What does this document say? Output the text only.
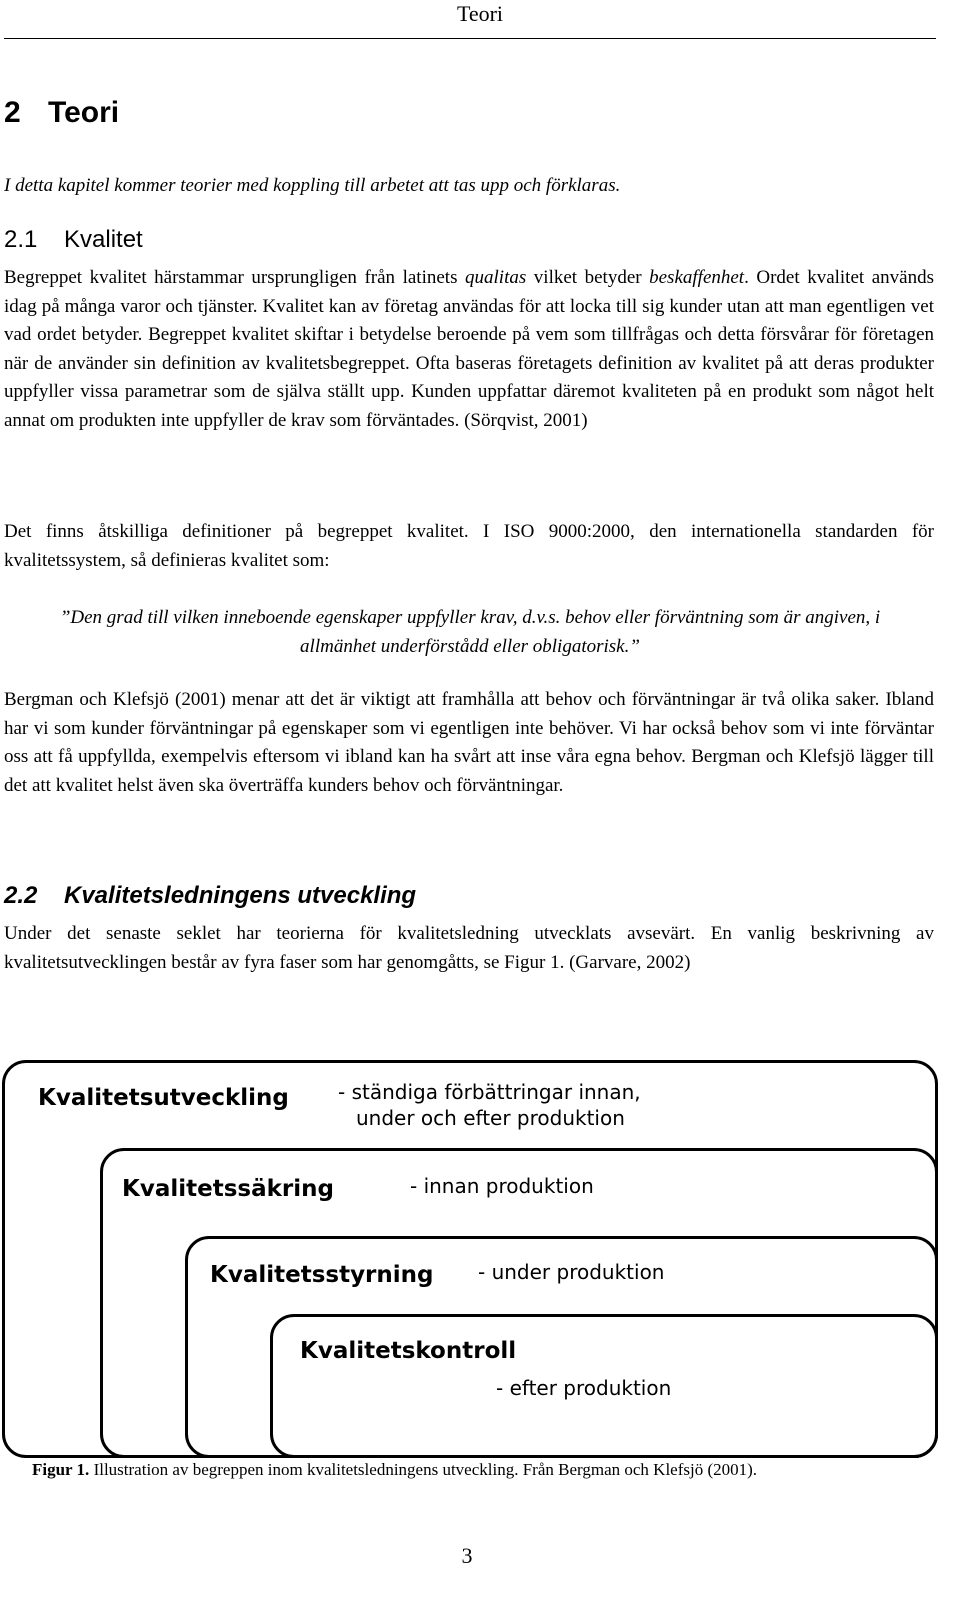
Teori
2 Teori

I detta kapitel kommer teorier med koppling till arbetet att tas upp och förklaras.

2.1 Kvalitet

Begreppet kvalitet härstammar ursprungligen från latinets qualitas vilket betyder beskaffenhet. Ordet kvalitet används idag på många varor och tjänster. Kvalitet kan av företag användas för att locka till sig kunder utan att man egentligen vet vad ordet betyder. Begreppet kvalitet skiftar i betydelse beroende på vem som tillfrågas och detta försvårar för företagen när de använder sin definition av kvalitetsbegreppet. Ofta baseras företagets definition av kvalitet på att deras produkter uppfyller vissa parametrar som de själva ställt upp. Kunden uppfattar däremot kvaliteten på en produkt som något helt annat om produkten inte uppfyller de krav som förväntades. (Sörqvist, 2001)

Det finns åtskilliga definitioner på begreppet kvalitet. I ISO 9000:2000, den internationella standarden för kvalitetssystem, så definieras kvalitet som:

”Den grad till vilken inneboende egenskaper uppfyller krav, d.v.s. behov eller förväntning som är angiven, i allmänhet underförstådd eller obligatorisk.”

Bergman och Klefsjö (2001) menar att det är viktigt att framhålla att behov och förväntningar är två olika saker. Ibland har vi som kunder förväntningar på egenskaper som vi egentligen inte behöver. Vi har också behov som vi inte förväntar oss att få uppfyllda, exempelvis eftersom vi ibland kan ha svårt att inse våra egna behov. Bergman och Klefsjö lägger till det att kvalitet helst även ska överträffa kunders behov och förväntningar.

2.2 Kvalitetsledningens utveckling

Under det senaste seklet har teorierna för kvalitetsledning utvecklats avsevärt. En vanlig beskrivning av kvalitetsutvecklingen består av fyra faser som har genomgåtts, se Figur 1. (Garvare, 2002)

Kvalitetsutveckling - ständiga förbättringar innan,
under och efter produktion
Kvalitetssäkring	- innan produktion
Kvalitetsstyrning - under produktion
Kvalitetskontroll
- efter produktion

Figur 1. Illustration av begreppen inom kvalitetsledningens utveckling. Från Bergman och Klefsjö (2001).

3
